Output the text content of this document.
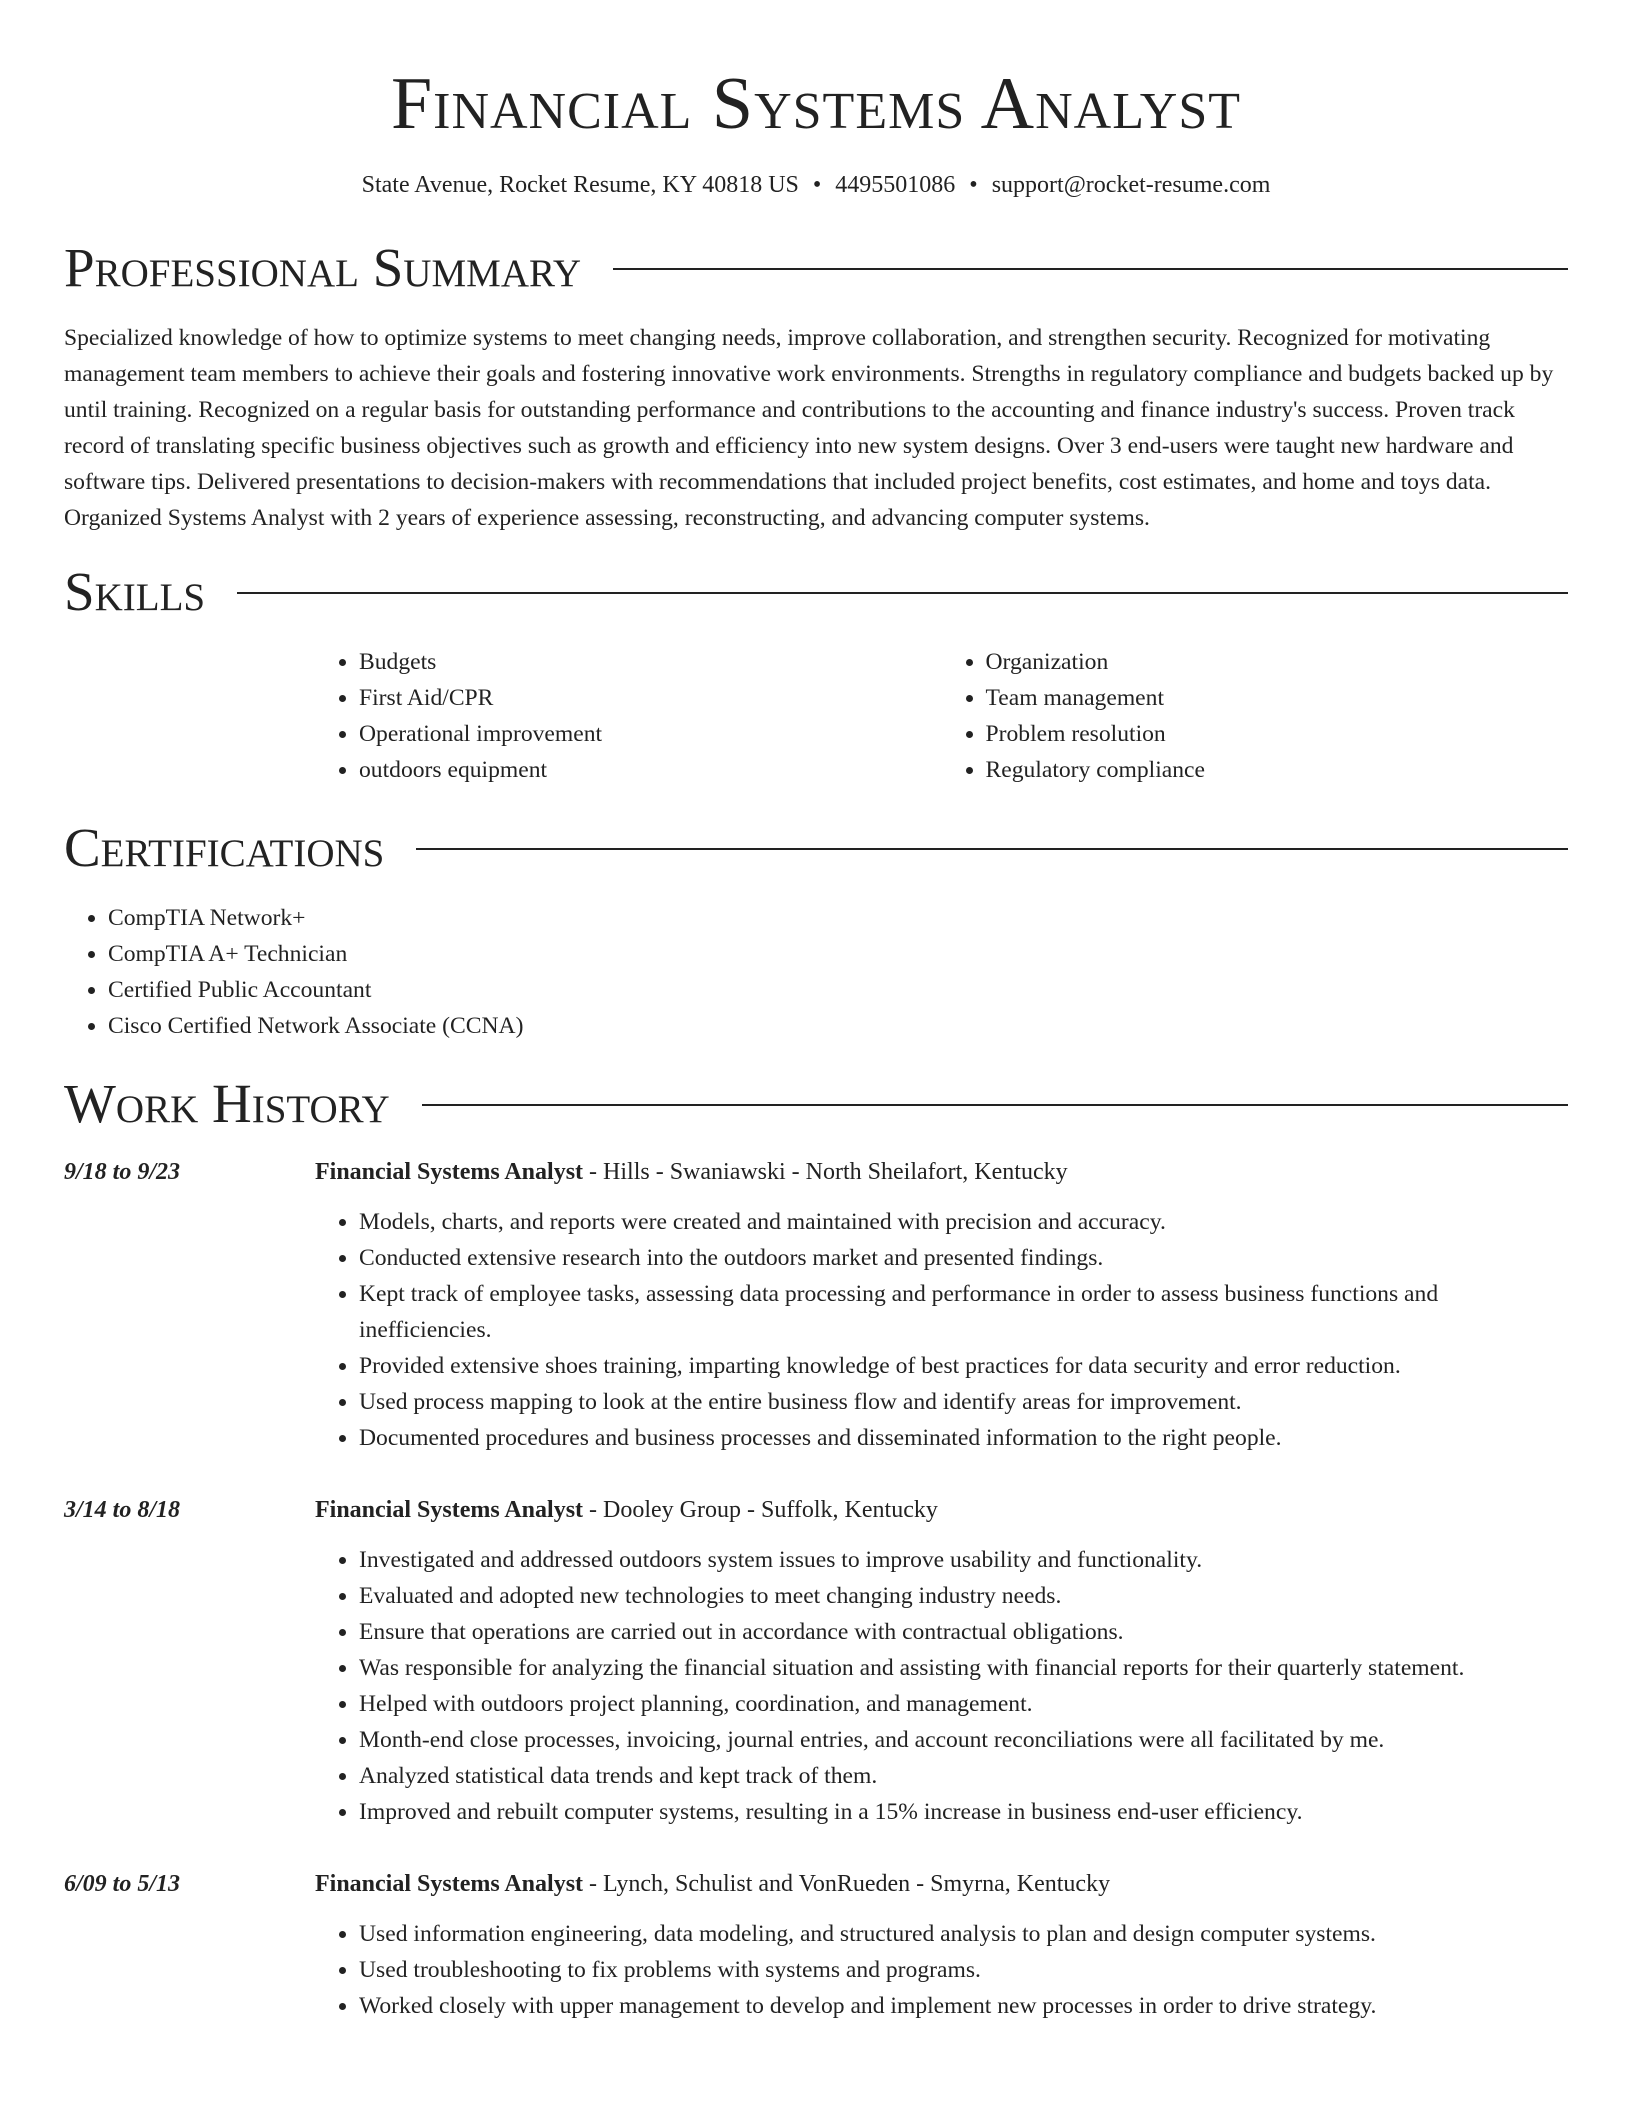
Financial Systems Analyst
State Avenue, Rocket Resume, KY 40818 US • 4495501086 • support@rocket-resume.com
Professional Summary

Specialized knowledge of how to optimize systems to meet changing needs, improve collaboration, and strengthen security. Recognized for motivating management team members to achieve their goals and fostering innovative work environments. Strengths in regulatory compliance and budgets backed up by until training. Recognized on a regular basis for outstanding performance and contributions to the accounting and finance industry's success. Proven track record of translating specific business objectives such as growth and efficiency into new system designs. Over 3 end-users were taught new hardware and software tips. Delivered presentations to decision-makers with recommendations that included project benefits, cost estimates, and home and toys data. Organized Systems Analyst with 2 years of experience assessing, reconstructing, and advancing computer systems.

Skills
• Budgets
• First Aid/CPR
• Operational improvement
• outdoors equipment
• Organization
• Team management
• Problem resolution
• Regulatory compliance
Certifications
• CompTIA Network+
• CompTIA A+ Technician
• Certified Public Accountant
• Cisco Certified Network Associate (CCNA)
Work History
9/18 to 9/23	Financial Systems Analyst - Hills - Swaniawski - North Sheilafort, Kentucky
• Models, charts, and reports were created and maintained with precision and accuracy.
• Conducted extensive research into the outdoors market and presented findings.
• Kept track of employee tasks, assessing data processing and performance in order to assess business functions and inefficiencies.
• Provided extensive shoes training, imparting knowledge of best practices for data security and error reduction.
• Used process mapping to look at the entire business flow and identify areas for improvement.
• Documented procedures and business processes and disseminated information to the right people.
3/14 to 8/18	Financial Systems Analyst - Dooley Group - Suffolk, Kentucky
• Investigated and addressed outdoors system issues to improve usability and functionality.
• Evaluated and adopted new technologies to meet changing industry needs.
• Ensure that operations are carried out in accordance with contractual obligations.
• Was responsible for analyzing the financial situation and assisting with financial reports for their quarterly statement.
• Helped with outdoors project planning, coordination, and management.
• Month-end close processes, invoicing, journal entries, and account reconciliations were all facilitated by me.
• Analyzed statistical data trends and kept track of them.
• Improved and rebuilt computer systems, resulting in a 15% increase in business end-user efficiency.
6/09 to 5/13	Financial Systems Analyst - Lynch, Schulist and VonRueden - Smyrna, Kentucky
• Used information engineering, data modeling, and structured analysis to plan and design computer systems.
• Used troubleshooting to fix problems with systems and programs.
• Worked closely with upper management to develop and implement new processes in order to drive strategy.
